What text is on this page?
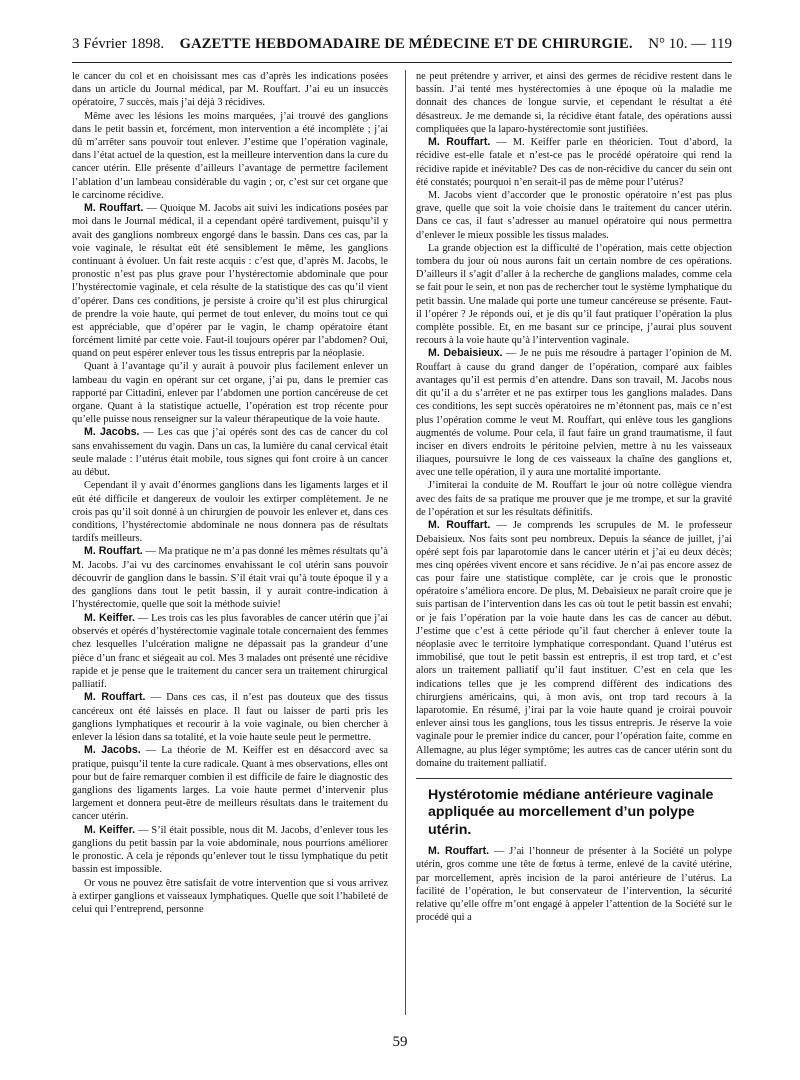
3 Février 1898. GAZETTE HEBDOMADAIRE DE MÉDECINE ET DE CHIRURGIE. N° 10. — 119

le cancer du col et en choisissant mes cas d’après les indications posées dans un article du Journal médical, par M. Rouffart. J’ai eu un insuccès opératoire, 7 succès, mais j’ai déjà 3 récidives.

Même avec les lésions les moins marquées, j’ai trouvé des ganglions dans le petit bassin et, forcément, mon intervention a été incomplète ; j’ai dû m’arrêter sans pouvoir tout enlever. J’estime que l’opération vaginale, dans l’état actuel de la question, est la meilleure intervention dans la cure du cancer utérin. Elle présente d’ailleurs l’avantage de permettre facilement l’ablation d’un lambeau considérable du vagin ; or, c’est sur cet organe que le carcinome récidive.

M. Rouffart. — Quoique M. Jacobs ait suivi les indications posées par moi dans le Journal médical, il a cependant opéré tardivement, puisqu’il y avait des ganglions nombreux engorgé dans le bassin. Dans ces cas, par la voie vaginale, le résultat eût été sensiblement le même, les ganglions continuant à évoluer. Un fait reste acquis : c’est que, d’après M. Jacobs, le pronostic n’est pas plus grave pour l’hystérectomie abdominale que pour l’hystérectomie vaginale, et cela résulte de la statistique des cas qu’il vient d’opérer. Dans ces conditions, je persiste à croire qu’il est plus chirurgical de prendre la voie haute, qui permet de tout enlever, du moins tout ce qui est appréciable, que d’opérer par le vagin, le champ opératoire étant forcément limité par cette voie. Faut-il toujours opérer par l’abdomen? Oui, quand on peut espérer enlever tous les tissus entrepris par la néoplasie.

Quant à l’avantage qu’il y aurait à pouvoir plus facilement enlever un lambeau du vagin en opérant sur cet organe, j’ai pu, dans le premier cas rapporté par Cittadini, enlever par l’abdomen une portion cancéreuse de cet organe. Quant à la statistique actuelle, l’opération est trop récente pour qu’elle puisse nous renseigner sur la valeur thérapeutique de la voie haute.

M. Jacobs. — Les cas que j’ai opérés sont des cas de cancer du col sans envahissement du vagin. Dans un cas, la lumière du canal cervical était seule malade : l’utérus était mobile, tous signes qui font croire à un cancer au début.

Cependant il y avait d’énormes ganglions dans les ligaments larges et il eût été difficile et dangereux de vouloir les extirper complètement. Je ne crois pas qu’il soit donné à un chirurgien de pouvoir les enlever et, dans ces conditions, l’hystérectomie abdominale ne nous donnera pas de résultats tardifs meilleurs.

M. Rouffart. — Ma pratique ne m’a pas donné les mêmes résultats qu’à M. Jacobs. J’ai vu des carcinomes envahissant le col utérin sans pouvoir découvrir de ganglion dans le bassin. S’il était vrai qu’à toute époque il y a des ganglions dans tout le petit bassin, il y aurait contre-indication à l’hystérectomie, quelle que soit la méthode suivie!

M. Keiffer. — Les trois cas les plus favorables de cancer utérin que j’ai observés et opérés d’hystérectomie vaginale totale concernaient des femmes chez lesquelles l’ulcération maligne ne dépassait pas la grandeur d’une pièce d’un franc et siégeait au col. Mes 3 malades ont présenté une récidive rapide et je pense que le traitement du cancer sera un traitement chirurgical palliatif.

M. Rouffart. — Dans ces cas, il n’est pas douteux que des tissus cancéreux ont été laissés en place. Il faut ou laisser de parti pris les ganglions lymphatiques et recourir à la voie vaginale, ou bien chercher à enlever la lésion dans sa totalité, et la voie haute seule peut le permettre.

M. Jacobs. — La théorie de M. Keiffer est en désaccord avec sa pratique, puisqu’il tente la cure radicale. Quant à mes observations, elles ont pour but de faire remarquer combien il est difficile de faire le diagnostic des ganglions des ligaments larges. La voie haute permet d’intervenir plus largement et donnera peut-être de meilleurs résultats dans le traitement du cancer utérin.

M. Keiffer. — S’il était possible, nous dit M. Jacobs, d’enlever tous les ganglions du petit bassin par la voie abdominale, nous pourrions améliorer le pronostic. A cela je réponds qu’enlever tout le tissu lymphatique du petit bassin est impossible.

Or vous ne pouvez être satisfait de votre intervention que si vous arrivez à extirper ganglions et vaisseaux lymphatiques. Quelle que soit l’habileté de celui qui l’entreprend, personne

ne peut prétendre y arriver, et ainsi des germes de récidive restent dans le bassin. J’ai tenté mes hystérectomies à une époque où la maladie me donnait des chances de longue survie, et cependant le résultat a été désastreux. Je me demande si, la récidive étant fatale, des opérations aussi compliquées que la laparo-hystérectomie sont justifiées.

M. Rouffart. — M. Keiffer parle en théoricien. Tout d’abord, la récidive est-elle fatale et n’est-ce pas le procédé opératoire qui rend la récidive rapide et inévitable? Des cas de non-récidive du cancer du sein ont été constatés; pourquoi n’en serait-il pas de même pour l’utérus?

M. Jacobs vient d’accorder que le pronostic opératoire n’est pas plus grave, quelle que soit la voie choisie dans le traitement du cancer utérin. Dans ce cas, il faut s’adresser au manuel opératoire qui nous permettra d’enlever le mieux possible les tissus malades.

La grande objection est la difficulté de l’opération, mais cette objection tombera du jour où nous aurons fait un certain nombre de ces opérations. D’ailleurs il s’agit d’aller à la recherche de ganglions malades, comme cela se fait pour le sein, et non pas de rechercher tout le système lymphatique du petit bassin. Une malade qui porte une tumeur cancéreuse se présente. Faut-il l’opérer ? Je réponds oui, et je dis qu’il faut pratiquer l’opération la plus complète possible. Et, en me basant sur ce principe, j’aurai plus souvent recours à la voie haute qu’à l’intervention vaginale.

M. Debaisieux. — Je ne puis me résoudre à partager l’opinion de M. Rouffart à cause du grand danger de l’opération, comparé aux faibles avantages qu’il est permis d’en attendre. Dans son travail, M. Jacobs nous dit qu’il a du s’arrêter et ne pas extirper tous les ganglions malades. Dans ces conditions, les sept succès opératoires ne m’étonnent pas, mais ce n’est plus l’opération comme le veut M. Rouffart, qui enlève tous les ganglions augmentés de volume. Pour cela, il faut faire un grand traumatisme, il faut inciser en divers endroits le péritoine pelvien, mettre à nu les vaisseaux iliaques, poursuivre le long de ces vaisseaux la chaîne des ganglions et, avec une telle opération, il y aura une mortalité importante.

J’imiterai la conduite de M. Rouffart le jour où notre collègue viendra avec des faits de sa pratique me prouver que je me trompe, et sur la gravité de l’opération et sur les résultats définitifs.

M. Rouffart. — Je comprends les scrupules de M. le professeur Debaisieux. Nos faits sont peu nombreux. Depuis la séance de juillet, j’ai opéré sept fois par laparotomie dans le cancer utérin et j’ai eu deux décès; mes cinq opérées vivent encore et sans récidive. Je n’ai pas encore assez de cas pour faire une statistique complète, car je crois que le pronostic opératoire s’améliora encore. De plus, M. Debaisieux ne paraît croire que je suis partisan de l’intervention dans les cas où tout le petit bassin est envahi; or je fais l’opération par la voie haute dans les cas de cancer au début. J’estime que c’est à cette période qu’il faut chercher à enlever toute la néoplasie avec le territoire lymphatique correspondant. Quand l’utérus est immobilisé, que tout le petit bassin est entrepris, il est trop tard, et c’est alors un traitement palliatif qu’il faut instituer. C’est en cela que les indications telles que je les comprend diffèrent des indications des chirurgiens américains, qui, à mon avis, ont trop tard recours à la laparotomie. En résumé, j’irai par la voie haute quand je croirai pouvoir enlever ainsi tous les ganglions, tous les tissus entrepris. Je réserve la voie vaginale pour le premier indice du cancer, pour l’opération faite, comme en Allemagne, au plus léger symptôme; les autres cas de cancer utérin sont du domaine du traitement palliatif.

Hystérotomie médiane antérieure vaginale appliquée au morcellement d’un polype utérin.

M. Rouffart. — J’ai l’honneur de présenter à la Société un polype utérin, gros comme une tête de fœtus à terme, enlevé de la cavité utérine, par morcellement, après incision de la paroi antérieure de l’utérus. La facilité de l’opération, le but conservateur de l’intervention, la sécurité relative qu’elle offre m’ont engagé à appeler l’attention de la Société sur le procédé qui a

59
